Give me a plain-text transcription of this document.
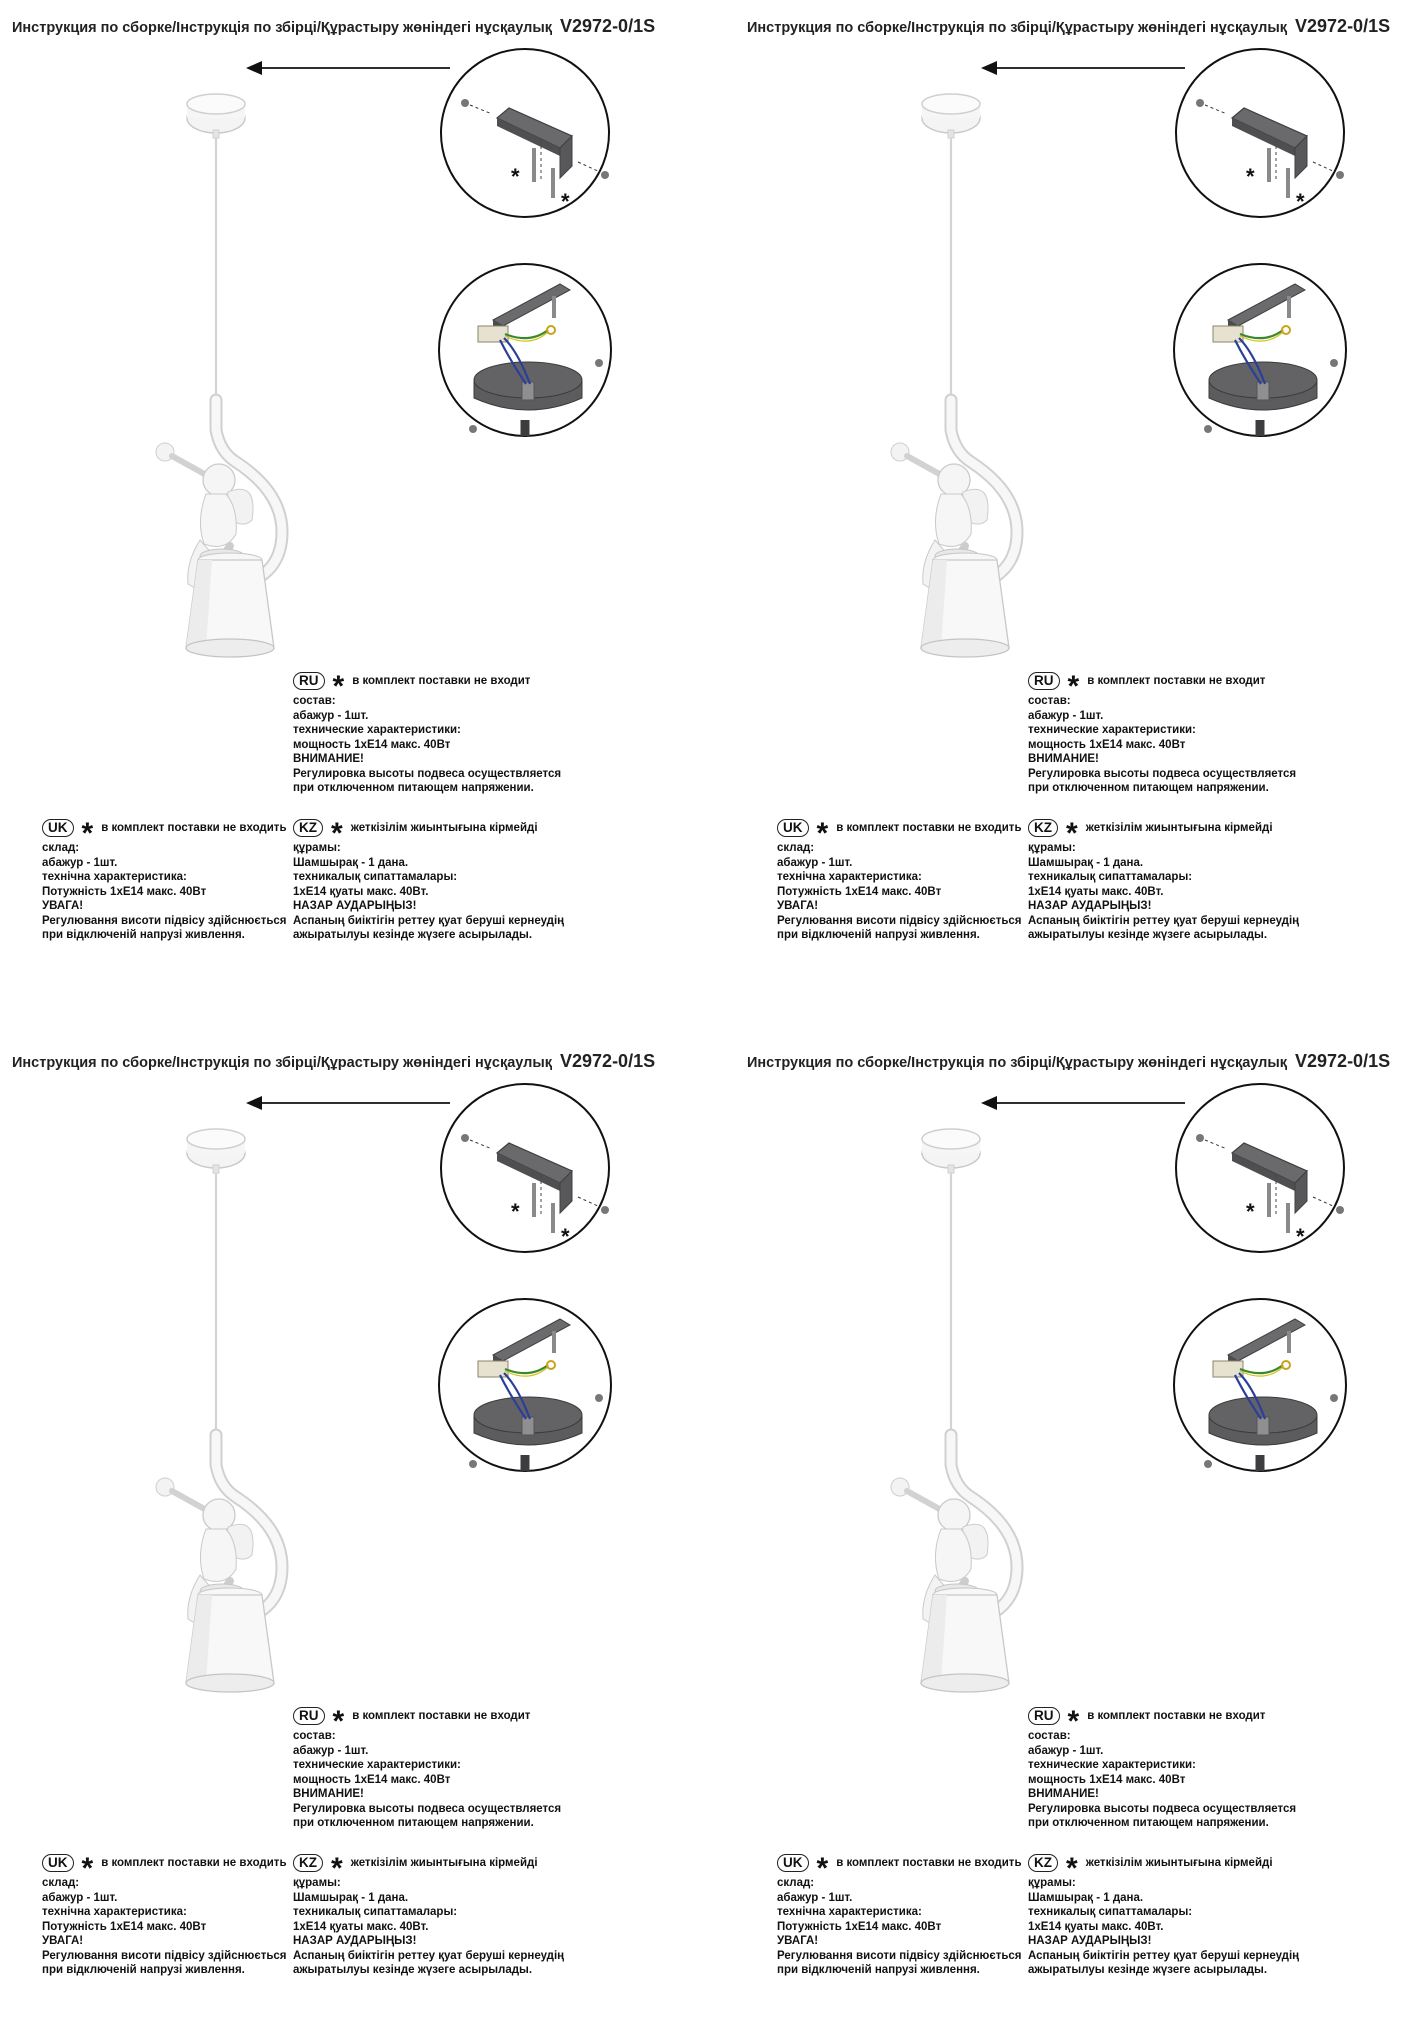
Инструкция по сборке/Інструкція по збірці/Құрастыру жөніндегі нұсқаулық V2972-0/1S
*
*
RU * в комплект поставки не входит
состав:
абажур - 1шт.
технические характеристики:
мощность 1хЕ14 макс. 40Вт
ВНИМАНИЕ!
Регулировка высоты подвеса осуществляется
при отключенном питающем напряжении.
UK * в комплект поставки не входить
склад:
абажур - 1шт.
технічна характеристика:
Потужність 1хЕ14 макс. 40Вт
УВАГА!
Регулювання висоти підвісу здійснюється
при відключеній напрузі живлення.
KZ * жеткізілім жиынтығына кірмейді
құрамы:
Шамшырақ - 1 дана.
техникалық сипаттамалары:
1хЕ14 қуаты макс. 40Вт.
НАЗАР АУДАРЫҢЫЗ!
Аспаның биіктігін реттеу қуат беруші кернеудің
ажыратылуы кезінде жүзеге асырылады.
Инструкция по сборке/Інструкція по збірці/Құрастыру жөніндегі нұсқаулық V2972-0/1S
*
*
RU * в комплект поставки не входит
состав:
абажур - 1шт.
технические характеристики:
мощность 1хЕ14 макс. 40Вт
ВНИМАНИЕ!
Регулировка высоты подвеса осуществляется
при отключенном питающем напряжении.
UK * в комплект поставки не входить
склад:
абажур - 1шт.
технічна характеристика:
Потужність 1хЕ14 макс. 40Вт
УВАГА!
Регулювання висоти підвісу здійснюється
при відключеній напрузі живлення.
KZ * жеткізілім жиынтығына кірмейді
құрамы:
Шамшырақ - 1 дана.
техникалық сипаттамалары:
1хЕ14 қуаты макс. 40Вт.
НАЗАР АУДАРЫҢЫЗ!
Аспаның биіктігін реттеу қуат беруші кернеудің
ажыратылуы кезінде жүзеге асырылады.
Инструкция по сборке/Інструкція по збірці/Құрастыру жөніндегі нұсқаулық V2972-0/1S
*
*
RU * в комплект поставки не входит
состав:
абажур - 1шт.
технические характеристики:
мощность 1хЕ14 макс. 40Вт
ВНИМАНИЕ!
Регулировка высоты подвеса осуществляется
при отключенном питающем напряжении.
UK * в комплект поставки не входить
склад:
абажур - 1шт.
технічна характеристика:
Потужність 1хЕ14 макс. 40Вт
УВАГА!
Регулювання висоти підвісу здійснюється
при відключеній напрузі живлення.
KZ * жеткізілім жиынтығына кірмейді
құрамы:
Шамшырақ - 1 дана.
техникалық сипаттамалары:
1хЕ14 қуаты макс. 40Вт.
НАЗАР АУДАРЫҢЫЗ!
Аспаның биіктігін реттеу қуат беруші кернеудің
ажыратылуы кезінде жүзеге асырылады.
Инструкция по сборке/Інструкція по збірці/Құрастыру жөніндегі нұсқаулық V2972-0/1S
*
*
RU * в комплект поставки не входит
состав:
абажур - 1шт.
технические характеристики:
мощность 1хЕ14 макс. 40Вт
ВНИМАНИЕ!
Регулировка высоты подвеса осуществляется
при отключенном питающем напряжении.
UK * в комплект поставки не входить
склад:
абажур - 1шт.
технічна характеристика:
Потужність 1хЕ14 макс. 40Вт
УВАГА!
Регулювання висоти підвісу здійснюється
при відключеній напрузі живлення.
KZ * жеткізілім жиынтығына кірмейді
құрамы:
Шамшырақ - 1 дана.
техникалық сипаттамалары:
1хЕ14 қуаты макс. 40Вт.
НАЗАР АУДАРЫҢЫЗ!
Аспаның биіктігін реттеу қуат беруші кернеудің
ажыратылуы кезінде жүзеге асырылады.
